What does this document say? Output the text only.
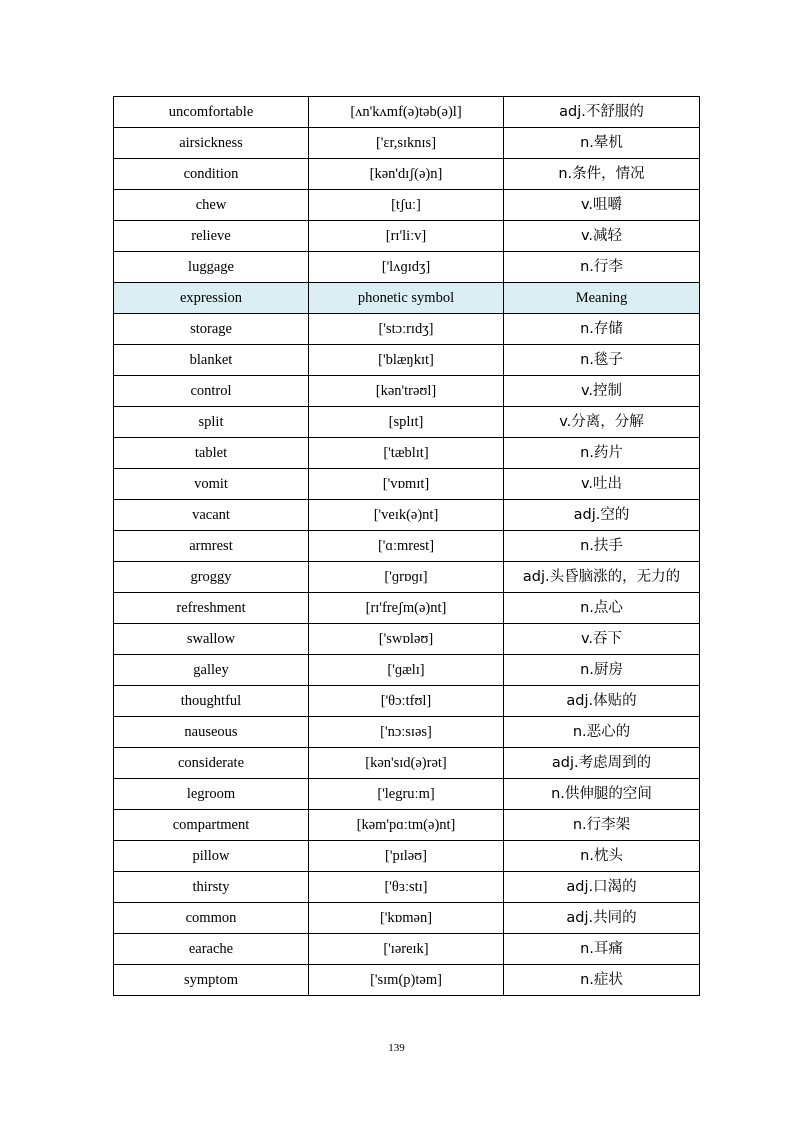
uncomfortable	[ʌn'kʌmf(ə)təb(ə)l]	adj.不舒服的
airsickness	['ɛr,sɪknɪs]	n.晕机
condition	[kən'dɪʃ(ə)n]	n.条件，情况
chew	[tʃuː]	v.咀嚼
relieve	[rɪ'liːv]	v.减轻
luggage	['lʌɡɪdʒ]	n.行李
expression	phonetic symbol	Meaning
storage	['stɔːrɪdʒ]	n.存储
blanket	['blæŋkɪt]	n.毯子
control	[kən'trəʊl]	v.控制
split	[splɪt]	v.分离，分解
tablet	['tæblɪt]	n.药片
vomit	['vɒmɪt]	v.吐出
vacant	['veɪk(ə)nt]	adj.空的
armrest	['ɑːmrest]	n.扶手
groggy	['ɡrɒɡɪ]	adj.头昏脑涨的，无力的
refreshment	[rɪ'freʃm(ə)nt]	n.点心
swallow	['swɒləʊ]	v.吞下
galley	['ɡælɪ]	n.厨房
thoughtful	['θɔːtfʊl]	adj.体贴的
nauseous	['nɔːsɪəs]	n.恶心的
considerate	[kən'sɪd(ə)rət]	adj.考虑周到的
legroom	['legruːm]	n.供伸腿的空间
compartment	[kəm'pɑːtm(ə)nt]	n.行李架
pillow	['pɪləʊ]	n.枕头
thirsty	['θɜːstɪ]	adj.口渴的
common	['kɒmən]	adj.共同的
earache	['ɪəreɪk]	n.耳痛
symptom	['sɪm(p)təm]	n.症状
139
